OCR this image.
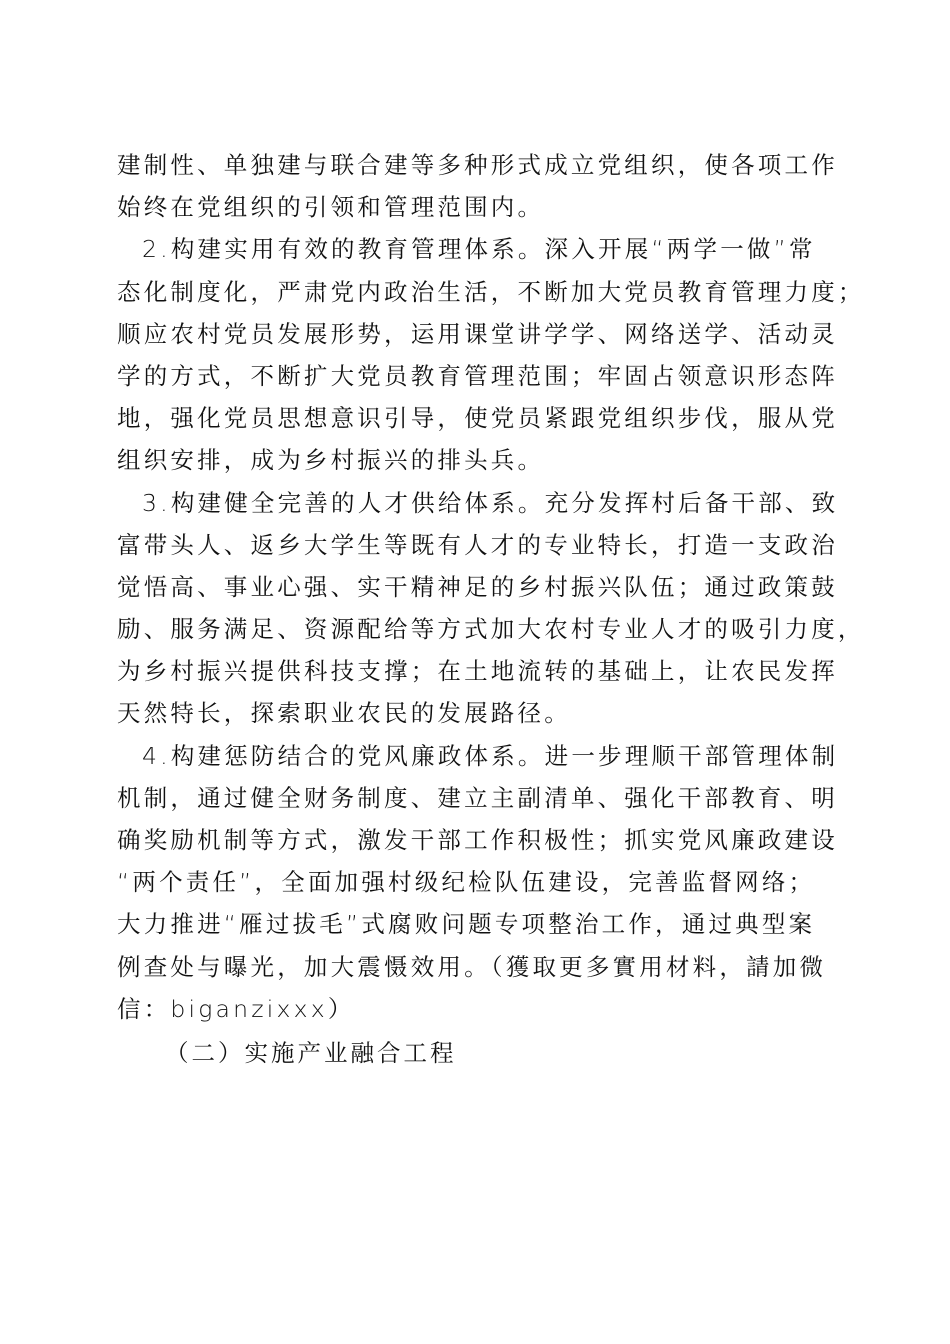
建制性、单独建与联合建等多种形式成立党组织，使各项工作
始终在党组织的引领和管理范围内。
2.构建实用有效的教育管理体系。深入开展“两学一做”常
态化制度化，严肃党内政治生活，不断加大党员教育管理力度；
顺应农村党员发展形势，运用课堂讲学学、网络送学、活动灵
学的方式，不断扩大党员教育管理范围；牢固占领意识形态阵
地，强化党员思想意识引导，使党员紧跟党组织步伐，服从党
组织安排，成为乡村振兴的排头兵。
3.构建健全完善的人才供给体系。充分发挥村后备干部、致
富带头人、返乡大学生等既有人才的专业特长，打造一支政治
觉悟高、事业心强、实干精神足的乡村振兴队伍；通过政策鼓
励、服务满足、资源配给等方式加大农村专业人才的吸引力度，
为乡村振兴提供科技支撑；在土地流转的基础上，让农民发挥
天然特长，探索职业农民的发展路径。
4.构建惩防结合的党风廉政体系。进一步理顺干部管理体制
机制，通过健全财务制度、建立主副清单、强化干部教育、明
确奖励机制等方式，激发干部工作积极性；抓实党风廉政建设
“两个责任”，全面加强村级纪检队伍建设，完善监督网络；
大力推进“雁过拔毛”式腐败问题专项整治工作，通过典型案
例查处与曝光，加大震慑效用。（獲取更多實用材料，請加微
信：biganzixxx）
（二）实施产业融合工程
